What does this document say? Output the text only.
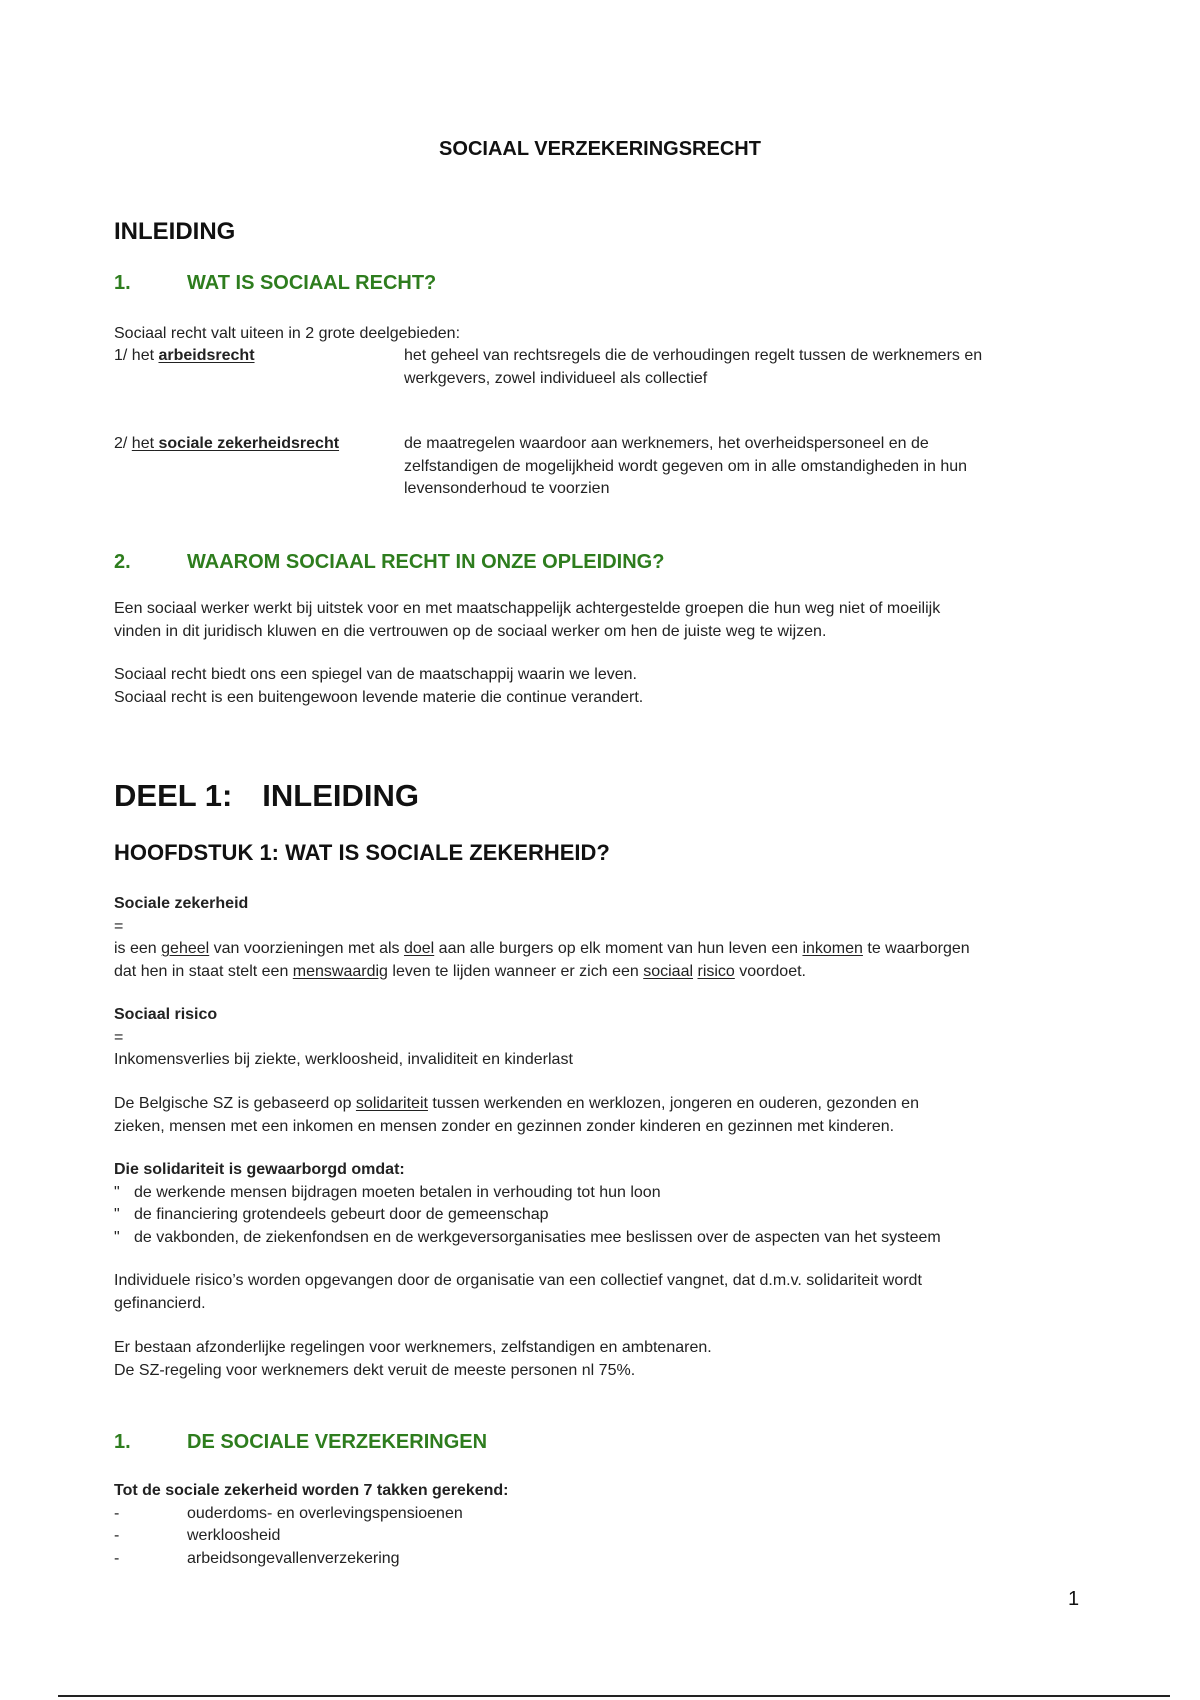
SOCIAAL VERZEKERINGSRECHT
INLEIDING
1.	WAT IS SOCIAAL RECHT?
Sociaal recht valt uiteen in 2 grote deelgebieden:
1/ het arbeidsrecht	het geheel van rechtsregels die de verhoudingen regelt tussen de werknemers en
werkgevers, zowel individueel als collectief
2/ het sociale zekerheidsrecht	de maatregelen waardoor aan werknemers, het overheidspersoneel en de
zelfstandigen de mogelijkheid wordt gegeven om in alle omstandigheden in hun
levensonderhoud te voorzien
2.	WAAROM SOCIAAL RECHT IN ONZE OPLEIDING?
Een sociaal werker werkt bij uitstek voor en met maatschappelijk achtergestelde groepen die hun weg niet of moeilijk
vinden in dit juridisch kluwen en die vertrouwen op de sociaal werker om hen de juiste weg te wijzen.
Sociaal recht biedt ons een spiegel van de maatschappij waarin we leven.
Sociaal recht is een buitengewoon levende materie die continue verandert.
DEEL 1: INLEIDING
HOOFDSTUK 1: WAT IS SOCIALE ZEKERHEID?
Sociale zekerheid
=
is een geheel van voorzieningen met als doel aan alle burgers op elk moment van hun leven een inkomen te waarborgen
dat hen in staat stelt een menswaardig leven te lijden wanneer er zich een sociaal risico voordoet.
Sociaal risico
=
Inkomensverlies bij ziekte, werkloosheid, invaliditeit en kinderlast
De Belgische SZ is gebaseerd op solidariteit tussen werkenden en werklozen, jongeren en ouderen, gezonden en
zieken, mensen met een inkomen en mensen zonder en gezinnen zonder kinderen en gezinnen met kinderen.
Die solidariteit is gewaarborgd omdat:
" de werkende mensen bijdragen moeten betalen in verhouding tot hun loon
" de financiering grotendeels gebeurt door de gemeenschap
" de vakbonden, de ziekenfondsen en de werkgeversorganisaties mee beslissen over de aspecten van het systeem
Individuele risico’s worden opgevangen door de organisatie van een collectief vangnet, dat d.m.v. solidariteit wordt
gefinancierd.
Er bestaan afzonderlijke regelingen voor werknemers, zelfstandigen en ambtenaren.
De SZ-regeling voor werknemers dekt veruit de meeste personen nl 75%.
1.	DE SOCIALE VERZEKERINGEN
Tot de sociale zekerheid worden 7 takken gerekend:
-	ouderdoms- en overlevingspensioenen
-	werkloosheid
-	arbeidsongevallenverzekering
1
